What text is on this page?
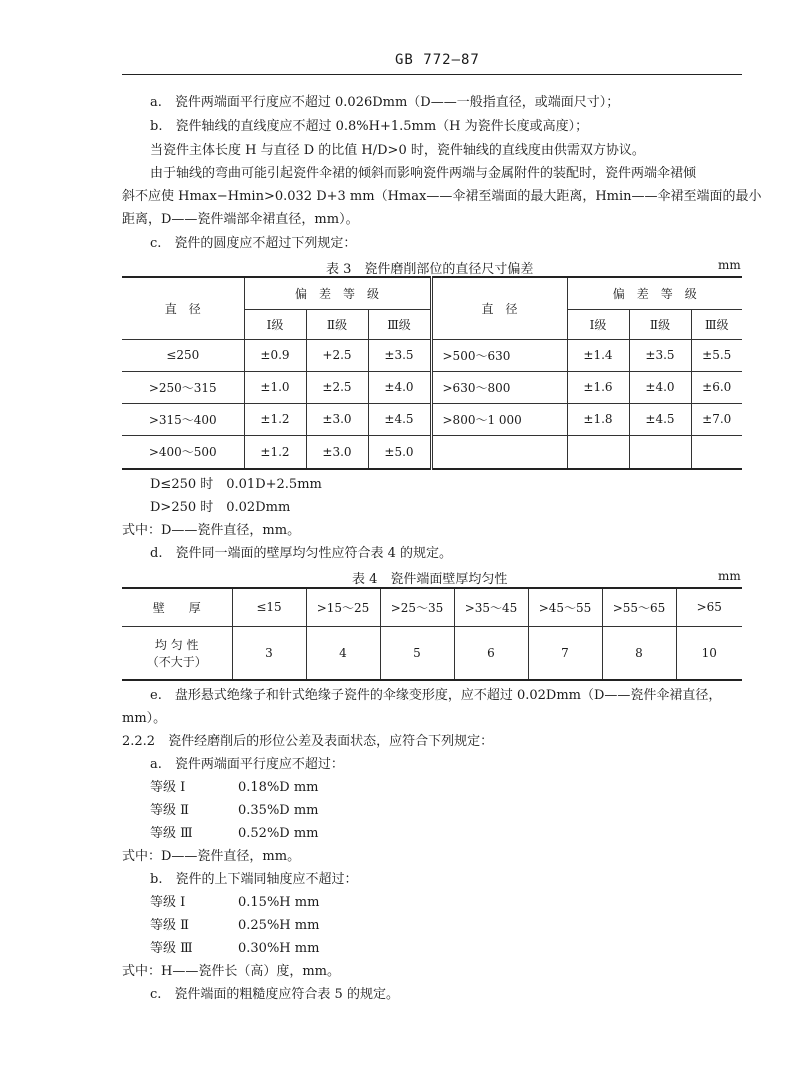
GB 772—87
a.　瓷件两端面平行度应不超过 0.026Dmm（D——一般指直径，或端面尺寸）；
b.　瓷件轴线的直线度应不超过 0.8%H+1.5mm（H 为瓷件长度或高度）；
当瓷件主体长度 H 与直径 D 的比值 H/D>0 时，瓷件轴线的直线度由供需双方协议。
由于轴线的弯曲可能引起瓷件伞裙的倾斜而影响瓷件两端与金属附件的装配时，瓷件两端伞裙倾
斜不应使 Hmax−Hmin>0.032 D+3 mm（Hmax——伞裙至端面的最大距离，Hmin——伞裙至端面的最小
距离，D——瓷件端部伞裙直径，mm）。
c.　瓷件的圆度应不超过下列规定：
表 3　瓷件磨削部位的直径尺寸偏差	mm
直　径	偏　差　等　级			直　径	偏　差　等　级		
	Ⅰ级	Ⅱ级	Ⅲ级		Ⅰ级	Ⅱ级	Ⅲ级
≤250	±0.9	+2.5	±3.5	>500～630	±1.4	±3.5	±5.5
>250～315	±1.0	±2.5	±4.0	>630～800	±1.6	±4.0	±6.0
>315～400	±1.2	±3.0	±4.5	>800～1 000	±1.8	±4.5	±7.0
>400～500	±1.2	±3.0	±5.0				
D≤250 时　0.01D+2.5mm
D>250 时　0.02Dmm
式中：D——瓷件直径，mm。
d.　瓷件同一端面的壁厚均匀性应符合表 4 的规定。
表 4　瓷件端面壁厚均匀性	mm
壁　　厚	≤15	>15～25	>25～35	>35～45	>45～55	>55～65	>65

均 匀 性
（不大于）	3	4	5	6	7	8	10
e.　盘形悬式绝缘子和针式绝缘子瓷件的伞缘变形度，应不超过 0.02Dmm（D——瓷件伞裙直径，
mm）。
2.2.2　瓷件经磨削后的形位公差及表面状态，应符合下列规定：
a.　瓷件两端面平行度应不超过：
等级 Ⅰ	0.18%D mm
等级 Ⅱ	0.35%D mm
等级 Ⅲ	0.52%D mm
式中：D——瓷件直径，mm。
b.　瓷件的上下端同轴度应不超过：
等级 Ⅰ	0.15%H mm
等级 Ⅱ	0.25%H mm
等级 Ⅲ	0.30%H mm
式中：H——瓷件长（高）度，mm。
c.　瓷件端面的粗糙度应符合表 5 的规定。
